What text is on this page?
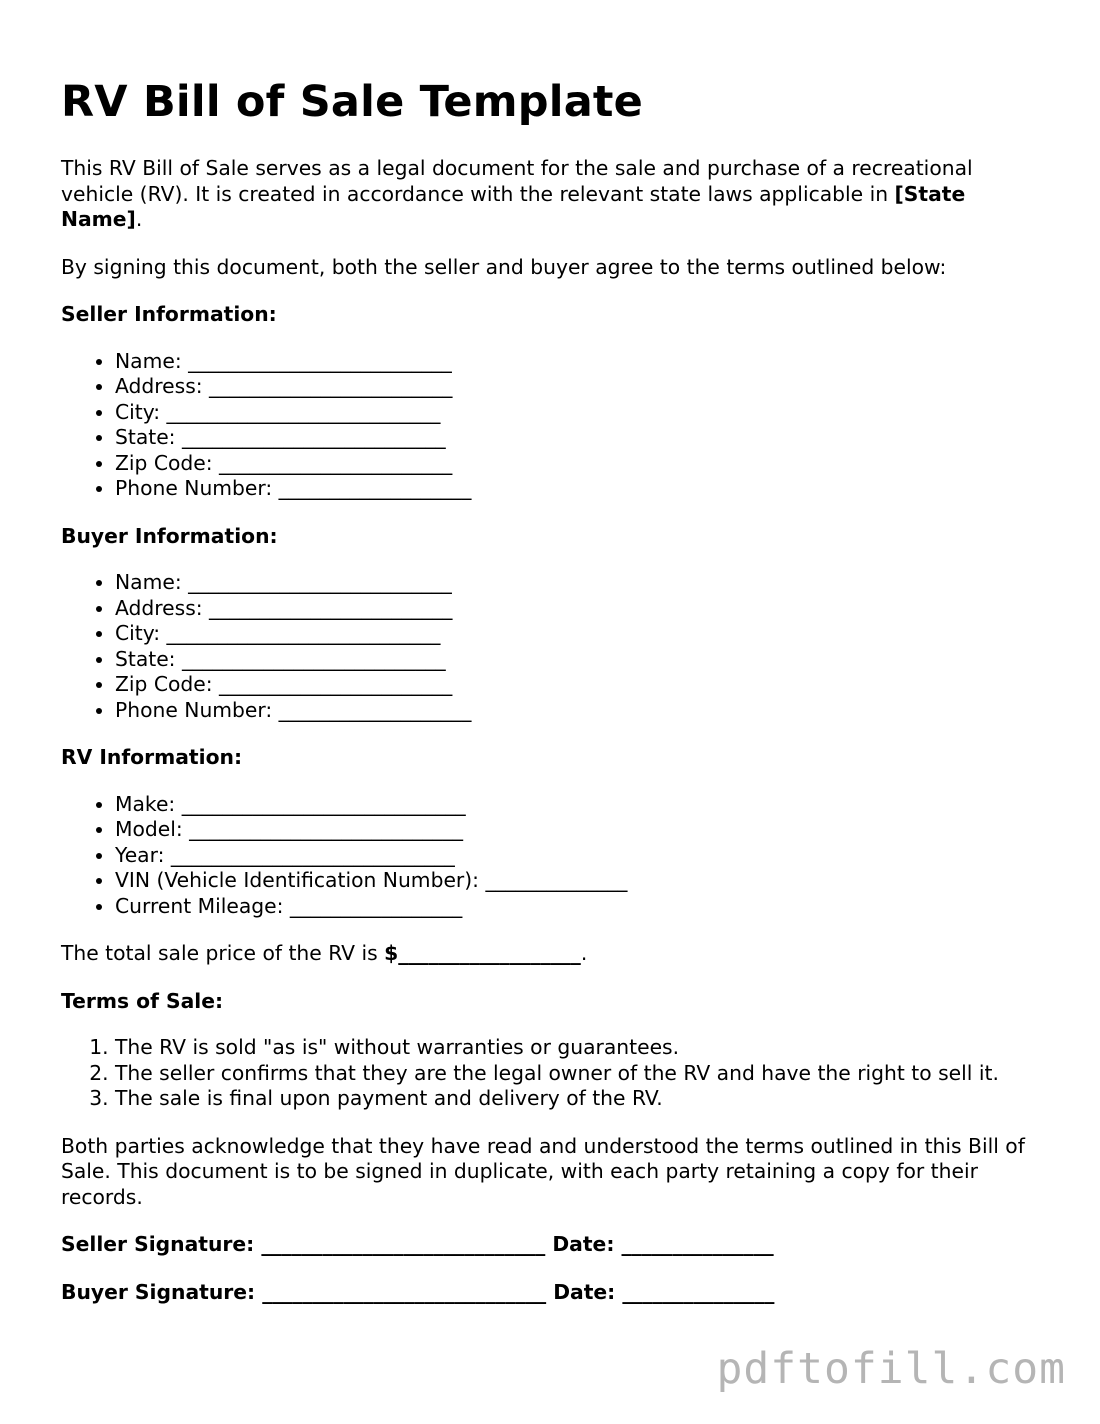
RV Bill of Sale Template

This RV Bill of Sale serves as a legal document for the sale and purchase of a recreational vehicle (RV). It is created in accordance with the relevant state laws applicable in [State Name].

By signing this document, both the seller and buyer agree to the terms outlined below:

Seller Information:
• Name: __________________________
• Address: ________________________
• City: ___________________________
• State: __________________________
• Zip Code: _______________________
• Phone Number: ___________________
Buyer Information:
• Name: __________________________
• Address: ________________________
• City: ___________________________
• State: __________________________
• Zip Code: _______________________
• Phone Number: ___________________
RV Information:
• Make: ____________________________
• Model: ___________________________
• Year: ____________________________
• VIN (Vehicle Identification Number): ______________
• Current Mileage: _________________

The total sale price of the RV is $__________________.

Terms of Sale:
1. The RV is sold "as is" without warranties or guarantees.
2. The seller confirms that they are the legal owner of the RV and have the right to sell it.
3. The sale is final upon payment and delivery of the RV.

Both parties acknowledge that they have read and understood the terms outlined in this Bill of Sale. This document is to be signed in duplicate, with each party retaining a copy for their records.

Seller Signature: ____________________________ Date: _______________
Buyer Signature: ____________________________ Date: _______________
pdftofill.com
